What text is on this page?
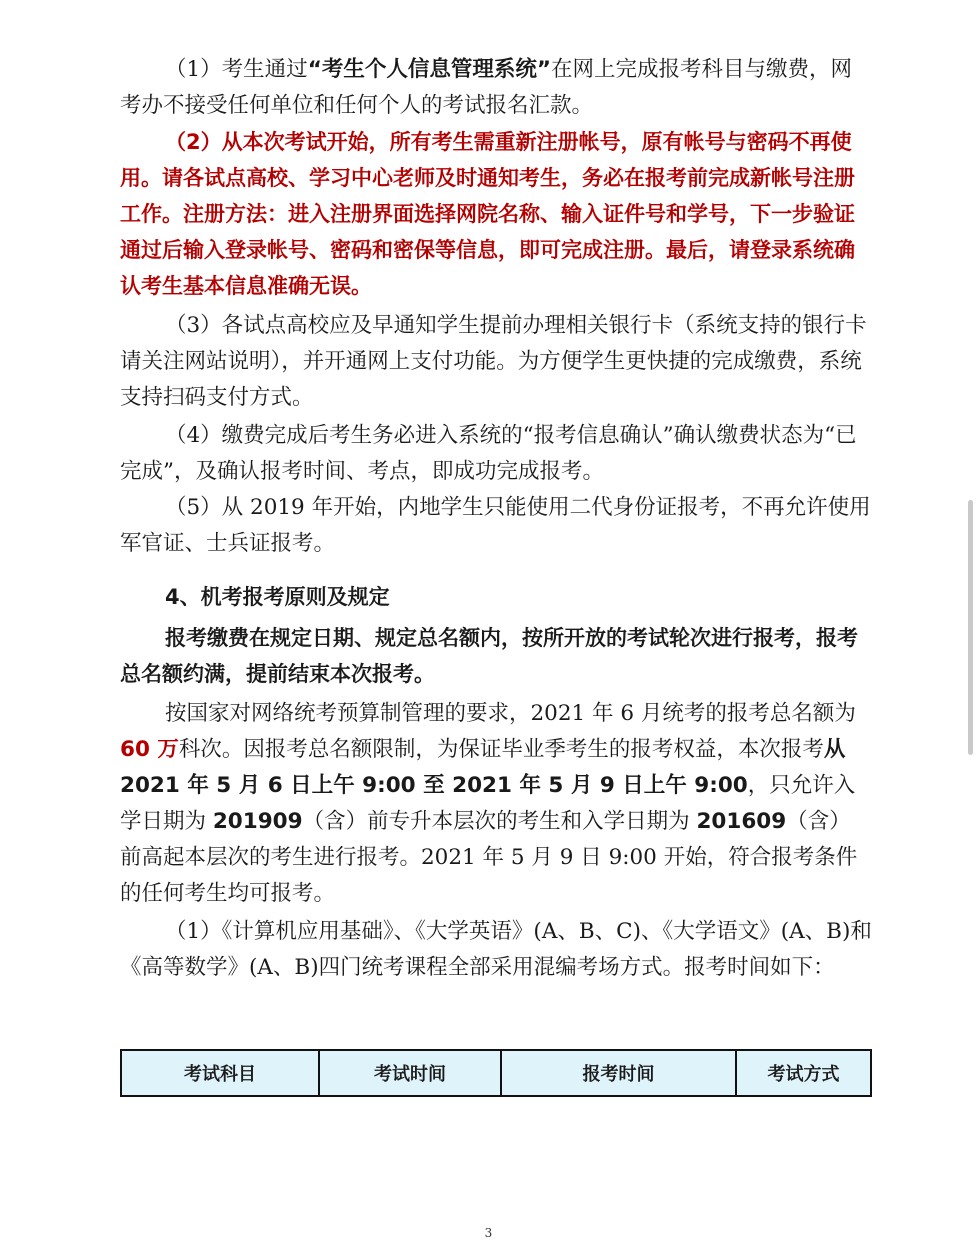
（1）考生通过“考生个人信息管理系统”在网上完成报考科目与缴费，网考办不接受任何单位和任何个人的考试报名汇款。

（2）从本次考试开始，所有考生需重新注册帐号，原有帐号与密码不再使用。请各试点高校、学习中心老师及时通知考生，务必在报考前完成新帐号注册工作。注册方法：进入注册界面选择网院名称、输入证件号和学号，下一步验证通过后输入登录帐号、密码和密保等信息，即可完成注册。最后，请登录系统确认考生基本信息准确无误。

（3）各试点高校应及早通知学生提前办理相关银行卡（系统支持的银行卡请关注网站说明），并开通网上支付功能。为方便学生更快捷的完成缴费，系统支持扫码支付方式。

（4）缴费完成后考生务必进入系统的“报考信息确认”确认缴费状态为“已完成”，及确认报考时间、考点，即成功完成报考。

（5）从 2019 年开始，内地学生只能使用二代身份证报考，不再允许使用军官证、士兵证报考。

4、机考报考原则及规定

报考缴费在规定日期、规定总名额内，按所开放的考试轮次进行报考，报考总名额约满，提前结束本次报考。

按国家对网络统考预算制管理的要求，2021 年 6 月统考的报考总名额为 60 万科次。因报考总名额限制，为保证毕业季考生的报考权益，本次报考从 2021 年 5 月 6 日上午 9:00 至 2021 年 5 月 9 日上午 9:00，只允许入学日期为 201909（含）前专升本层次的考生和入学日期为 201609（含）前高起本层次的考生进行报考。2021 年 5 月 9 日 9:00 开始，符合报考条件的任何考生均可报考。

（1）《计算机应用基础》、《大学英语》(A、B、C)、《大学语文》(A、B)和《高等数学》(A、B)四门统考课程全部采用混编考场方式。报考时间如下：

考试科目	考试时间	报考时间	考试方式
3
